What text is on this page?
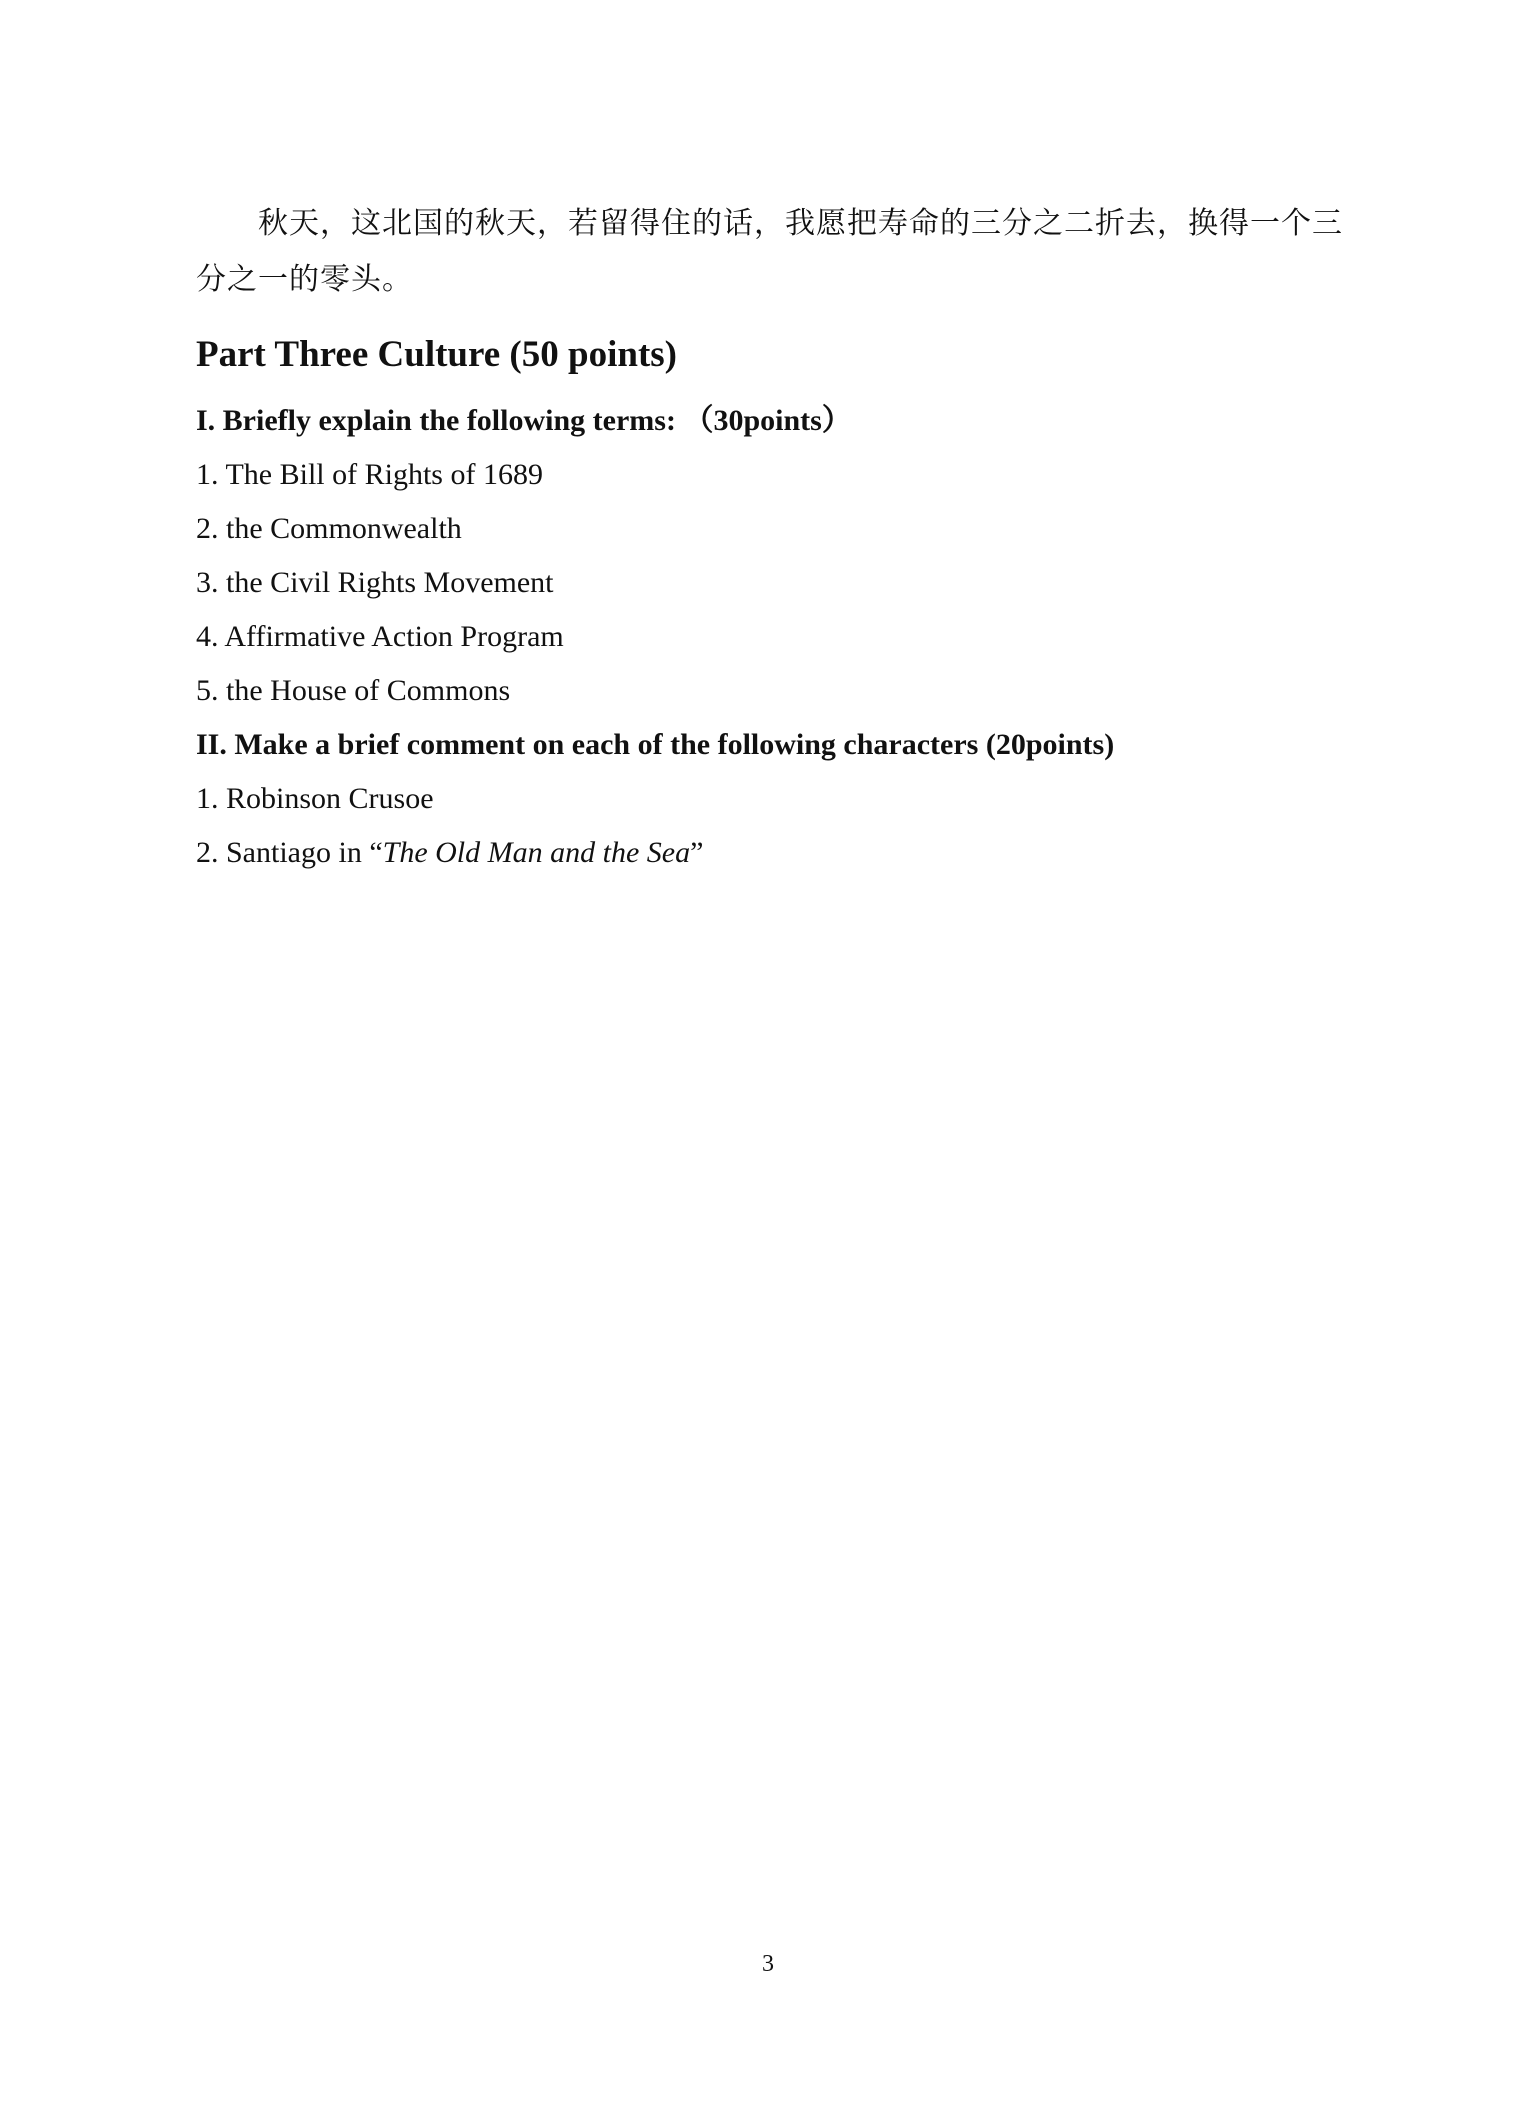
秋天，这北国的秋天，若留得住的话，我愿把寿命的三分之二折去，换得一个三分之一的零头。

Part Three Culture (50 points)

I. Briefly explain the following terms: （30points）

1. The Bill of Rights of 1689

2. the Commonwealth

3. the Civil Rights Movement

4. Affirmative Action Program

5. the House of Commons

II. Make a brief comment on each of the following characters (20points)

1. Robinson Crusoe

2. Santiago in “The Old Man and the Sea”

3
